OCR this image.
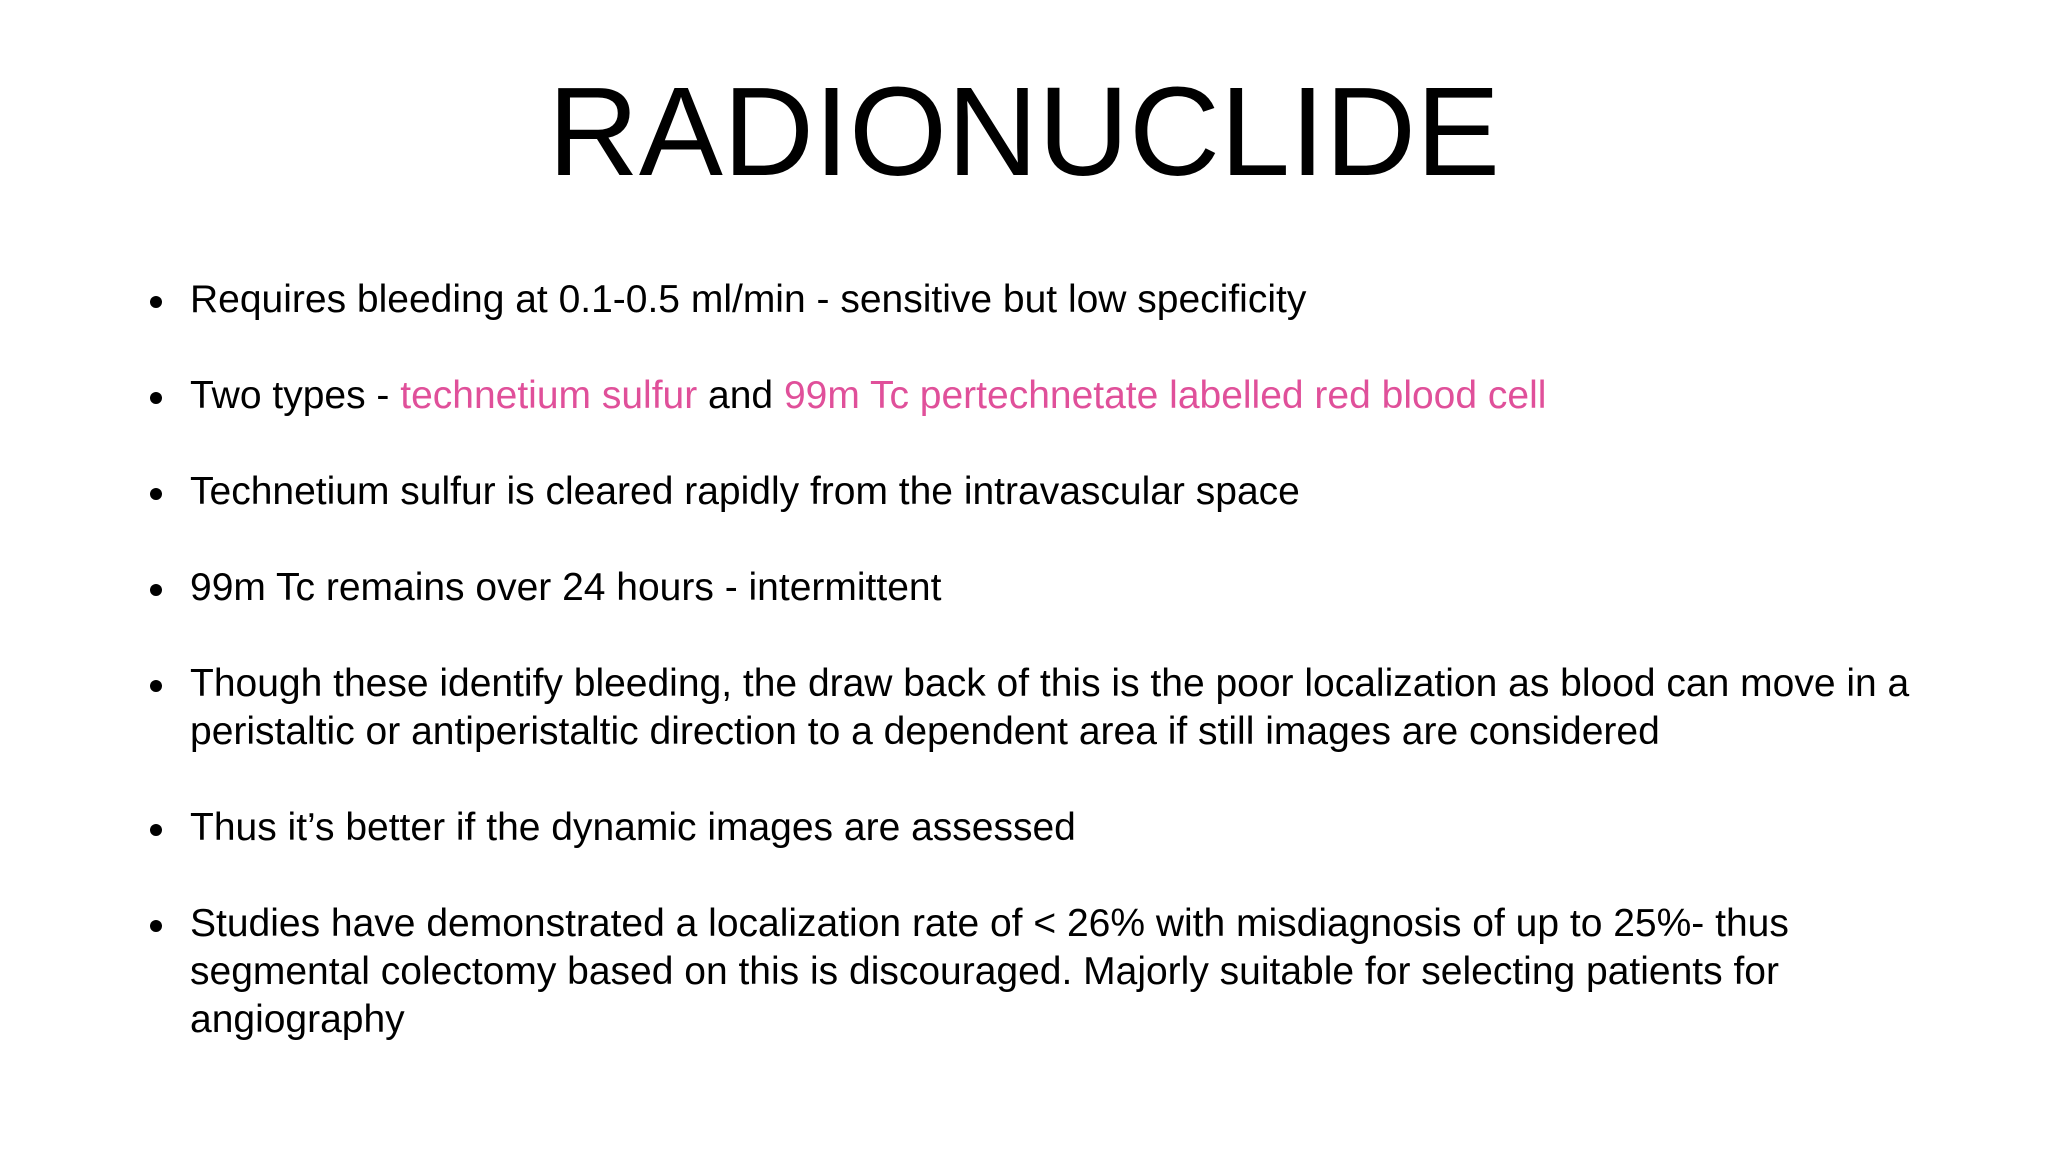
RADIONUCLIDE
Requires bleeding at 0.1-0.5 ml/min - sensitive but low specificity
Two types - technetium sulfur and 99m Tc pertechnetate labelled red blood cell
Technetium sulfur is cleared rapidly from the intravascular space
99m Tc remains over 24 hours - intermittent
Though these identify bleeding, the draw back of this is the poor localization as blood can move in a peristaltic or antiperistaltic direction to a dependent area if still images are considered
Thus it’s better if the dynamic images are assessed
Studies have demonstrated a localization rate of < 26% with misdiagnosis of up to 25%- thus segmental colectomy based on this is discouraged. Majorly suitable for selecting patients for angiography
